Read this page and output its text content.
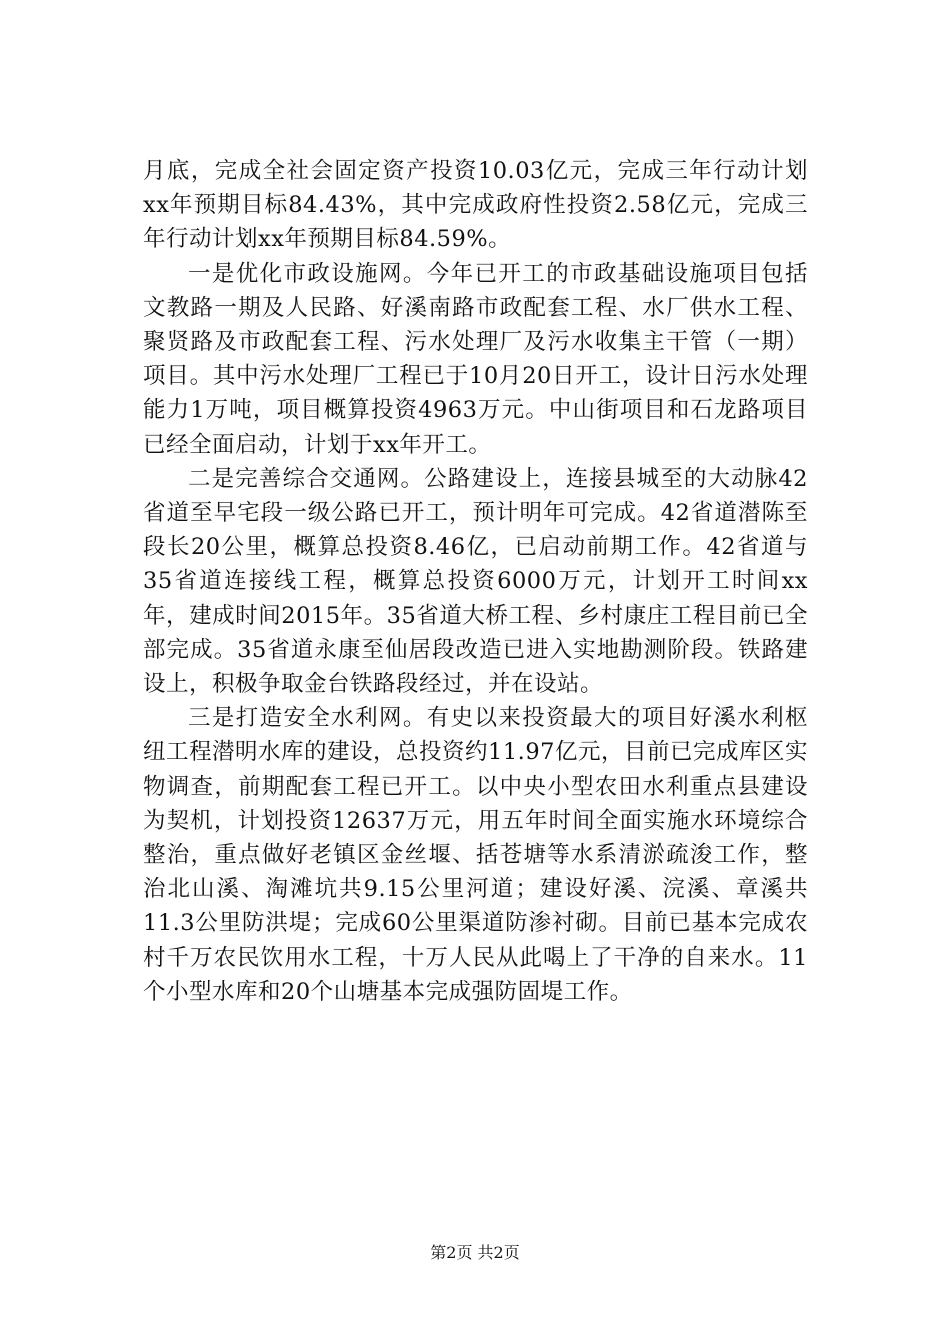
月底，完成全社会固定资产投资10.03亿元，完成三年行动计划xx年预期目标84.43%，其中完成政府性投资2.58亿元，完成三年行动计划xx年预期目标84.59%。

一是优化市政设施网。今年已开工的市政基础设施项目包括文教路一期及人民路、好溪南路市政配套工程、水厂供水工程、聚贤路及市政配套工程、污水处理厂及污水收集主干管（一期）项目。其中污水处理厂工程已于10月20日开工，设计日污水处理能力1万吨，项目概算投资4963万元。中山街项目和石龙路项目已经全面启动，计划于xx年开工。

二是完善综合交通网。公路建设上，连接县城至的大动脉42省道至早宅段一级公路已开工，预计明年可完成。42省道潜陈至段长20公里，概算总投资8.46亿，已启动前期工作。42省道与35省道连接线工程，概算总投资6000万元，计划开工时间xx年，建成时间2015年。35省道大桥工程、乡村康庄工程目前已全部完成。35省道永康至仙居段改造已进入实地勘测阶段。铁路建设上，积极争取金台铁路段经过，并在设站。

三是打造安全水利网。有史以来投资最大的项目好溪水利枢纽工程潜明水库的建设，总投资约11.97亿元，目前已完成库区实物调查，前期配套工程已开工。以中央小型农田水利重点县建设为契机，计划投资12637万元，用五年时间全面实施水环境综合整治，重点做好老镇区金丝堰、括苍塘等水系清淤疏浚工作，整治北山溪、淘滩坑共9.15公里河道；建设好溪、浣溪、章溪共11.3公里防洪堤；完成60公里渠道防渗衬砌。目前已基本完成农村千万农民饮用水工程，十万人民从此喝上了干净的自来水。11个小型水库和20个山塘基本完成强防固堤工作。

第2页 共2页
